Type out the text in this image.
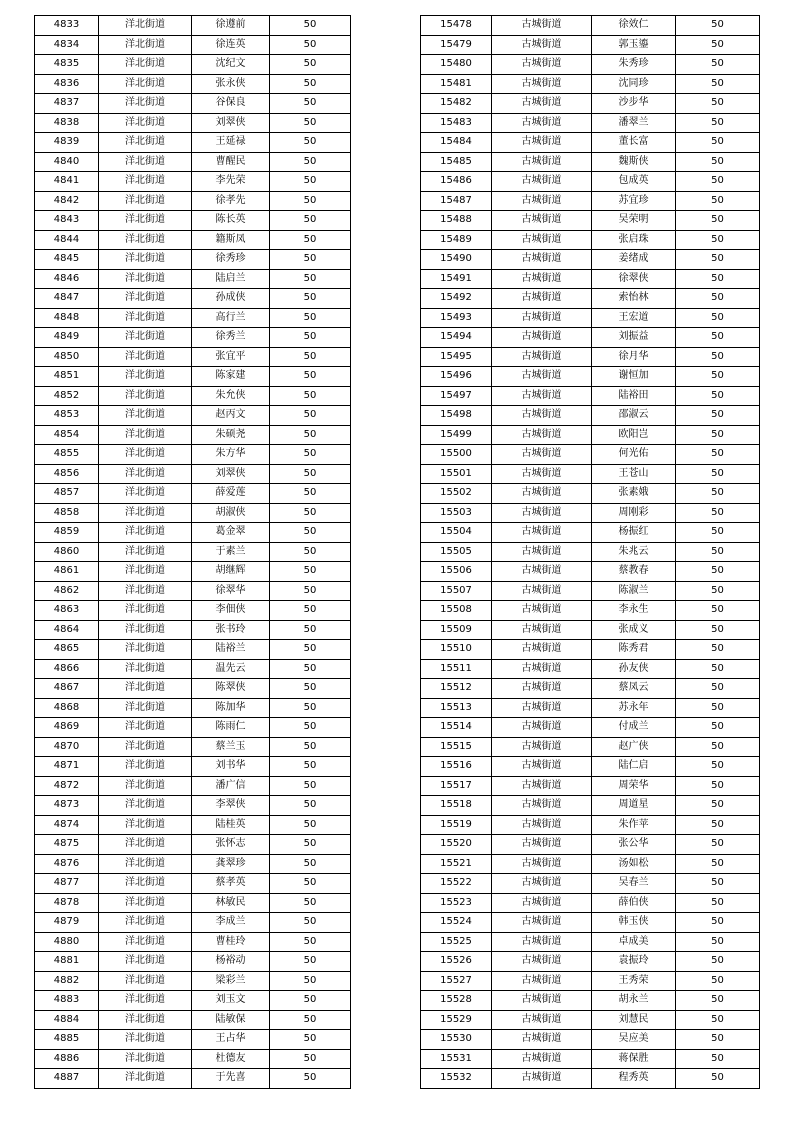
4833	洋北街道	徐遵前	50
4834	洋北街道	徐连英	50
4835	洋北街道	沈纪文	50
4836	洋北街道	张永侠	50
4837	洋北街道	谷保良	50
4838	洋北街道	刘翠侠	50
4839	洋北街道	王延禄	50
4840	洋北街道	曹醒民	50
4841	洋北街道	李先荣	50
4842	洋北街道	徐孝先	50
4843	洋北街道	陈长英	50
4844	洋北街道	籍斯凤	50
4845	洋北街道	徐秀珍	50
4846	洋北街道	陆启兰	50
4847	洋北街道	孙成侠	50
4848	洋北街道	高行兰	50
4849	洋北街道	徐秀兰	50
4850	洋北街道	张宜平	50
4851	洋北街道	陈家建	50
4852	洋北街道	朱允侠	50
4853	洋北街道	赵丙文	50
4854	洋北街道	朱硕尧	50
4855	洋北街道	朱方华	50
4856	洋北街道	刘翠侠	50
4857	洋北街道	薛爱莲	50
4858	洋北街道	胡淑侠	50
4859	洋北街道	葛金翠	50
4860	洋北街道	于素兰	50
4861	洋北街道	胡继辉	50
4862	洋北街道	徐翠华	50
4863	洋北街道	李佃侠	50
4864	洋北街道	张书玲	50
4865	洋北街道	陆裕兰	50
4866	洋北街道	温先云	50
4867	洋北街道	陈翠侠	50
4868	洋北街道	陈加华	50
4869	洋北街道	陈雨仁	50
4870	洋北街道	蔡兰玉	50
4871	洋北街道	刘书华	50
4872	洋北街道	潘广信	50
4873	洋北街道	李翠侠	50
4874	洋北街道	陆桂英	50
4875	洋北街道	张怀志	50
4876	洋北街道	龚翠珍	50
4877	洋北街道	蔡孝英	50
4878	洋北街道	林敏民	50
4879	洋北街道	李成兰	50
4880	洋北街道	曹桂玲	50
4881	洋北街道	杨裕动	50
4882	洋北街道	梁彩兰	50
4883	洋北街道	刘玉文	50
4884	洋北街道	陆敏保	50
4885	洋北街道	王占华	50
4886	洋北街道	杜德友	50
4887	洋北街道	于先喜	50
15478	古城街道	徐效仁	50
15479	古城街道	郭玉鎏	50
15480	古城街道	朱秀珍	50
15481	古城街道	沈同珍	50
15482	古城街道	沙步华	50
15483	古城街道	潘翠兰	50
15484	古城街道	董长富	50
15485	古城街道	魏斯侠	50
15486	古城街道	包成英	50
15487	古城街道	苏宜珍	50
15488	古城街道	吴荣明	50
15489	古城街道	张启珠	50
15490	古城街道	姜绪成	50
15491	古城街道	徐翠侠	50
15492	古城街道	索怡林	50
15493	古城街道	王宏道	50
15494	古城街道	刘振益	50
15495	古城街道	徐月华	50
15496	古城街道	谢恒加	50
15497	古城街道	陆裕田	50
15498	古城街道	邵淑云	50
15499	古城街道	欧阳岂	50
15500	古城街道	何光佑	50
15501	古城街道	王苍山	50
15502	古城街道	张素娥	50
15503	古城街道	周刚彩	50
15504	古城街道	杨振红	50
15505	古城街道	朱兆云	50
15506	古城街道	蔡教春	50
15507	古城街道	陈淑兰	50
15508	古城街道	李永生	50
15509	古城街道	张成义	50
15510	古城街道	陈秀君	50
15511	古城街道	孙友侠	50
15512	古城街道	蔡凤云	50
15513	古城街道	苏永年	50
15514	古城街道	付成兰	50
15515	古城街道	赵广侠	50
15516	古城街道	陆仁启	50
15517	古城街道	周荣华	50
15518	古城街道	周道星	50
15519	古城街道	朱作苹	50
15520	古城街道	张公华	50
15521	古城街道	汤如松	50
15522	古城街道	吴春兰	50
15523	古城街道	薛伯侠	50
15524	古城街道	韩玉侠	50
15525	古城街道	卓成美	50
15526	古城街道	袁振玲	50
15527	古城街道	王秀荣	50
15528	古城街道	胡永兰	50
15529	古城街道	刘慧民	50
15530	古城街道	吴应美	50
15531	古城街道	蒋保胜	50
15532	古城街道	程秀英	50
